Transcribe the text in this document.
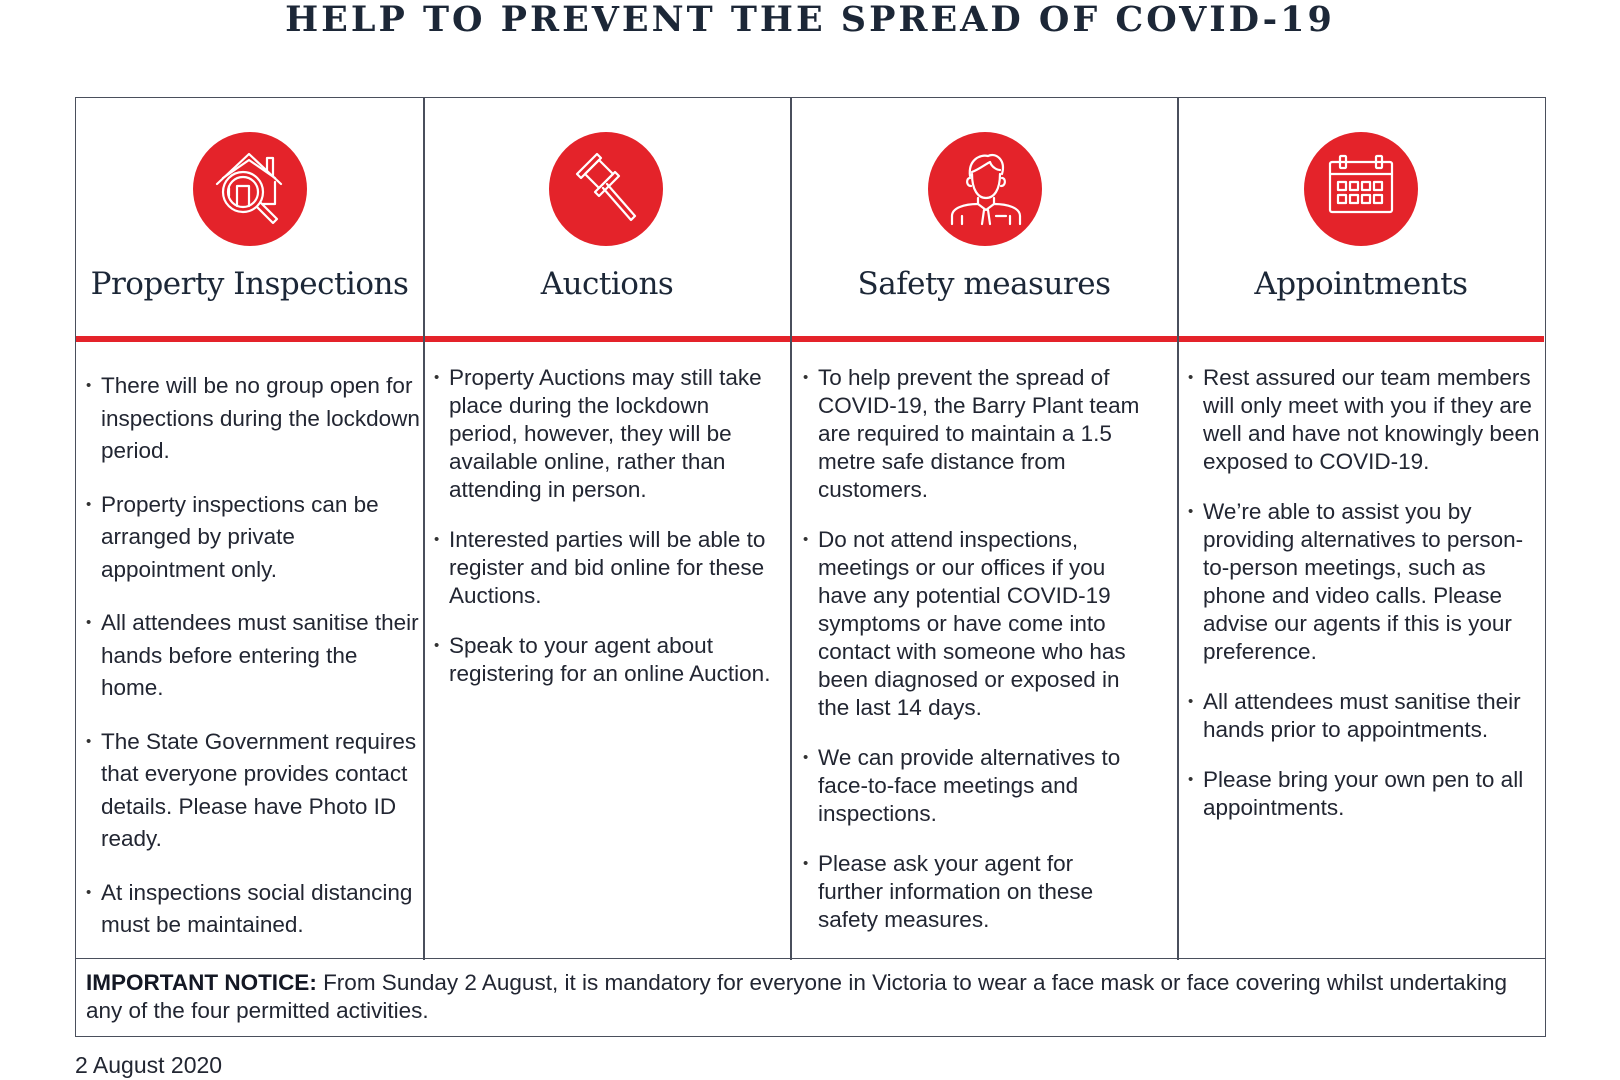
HELP TO PREVENT THE SPREAD OF COVID-19
Property Inspections	Auctions	Safety measures	Appointments
• There will be no group open for inspections during the lockdown period.
• Property inspections can be arranged by private appointment only.
• All attendees must sanitise their hands before entering the home.
• The State Government requires that everyone provides contact details. Please have Photo ID ready.
• At inspections social distancing must be maintained.
• Property Auctions may still take place during the lockdown period, however, they will be available online, rather than attending in person.
• Interested parties will be able to register and bid online for these Auctions.
• Speak to your agent about registering for an online Auction.
• To help prevent the spread of COVID-19, the Barry Plant team are required to maintain a 1.5 metre safe distance from customers.
• Do not attend inspections, meetings or our offices if you have any potential COVID-19 symptoms or have come into contact with someone who has been diagnosed or exposed in the last 14 days.
• We can provide alternatives to face-to-face meetings and inspections.
• Please ask your agent for further information on these safety measures.
• Rest assured our team members will only meet with you if they are well and have not knowingly been exposed to COVID-19.
• We’re able to assist you by providing alternatives to person-to-person meetings, such as phone and video calls. Please advise our agents if this is your preference.
• All attendees must sanitise their hands prior to appointments.
• Please bring your own pen to all appointments.
IMPORTANT NOTICE: From Sunday 2 August, it is mandatory for everyone in Victoria to wear a face mask or face covering whilst undertaking any of the four permitted activities.
2 August 2020
